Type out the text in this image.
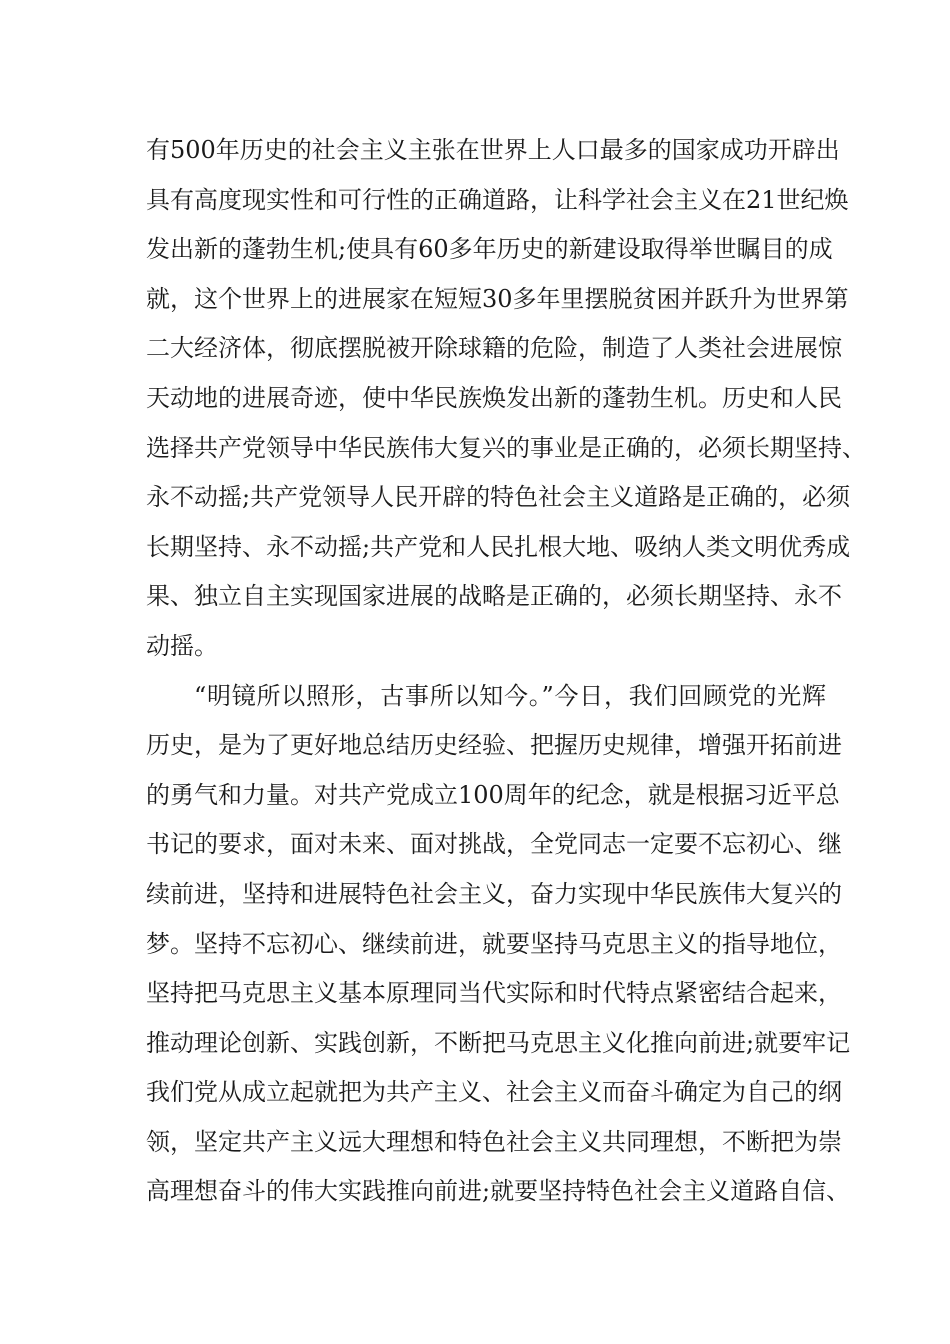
有500年历史的社会主义主张在世界上人口最多的国家成功开辟出
具有高度现实性和可行性的正确道路，让科学社会主义在21世纪焕
发出新的蓬勃生机;使具有60多年历史的新建设取得举世瞩目的成
就，这个世界上的进展家在短短30多年里摆脱贫困并跃升为世界第
二大经济体，彻底摆脱被开除球籍的危险，制造了人类社会进展惊
天动地的进展奇迹，使中华民族焕发出新的蓬勃生机。历史和人民
选择共产党领导中华民族伟大复兴的事业是正确的，必须长期坚持、
永不动摇;共产党领导人民开辟的特色社会主义道路是正确的，必须
长期坚持、永不动摇;共产党和人民扎根大地、吸纳人类文明优秀成
果、独立自主实现国家进展的战略是正确的，必须长期坚持、永不
动摇。
“明镜所以照形，古事所以知今。”今日，我们回顾党的光辉
历史，是为了更好地总结历史经验、把握历史规律，增强开拓前进
的勇气和力量。对共产党成立100周年的纪念，就是根据习近平总
书记的要求，面对未来、面对挑战，全党同志一定要不忘初心、继
续前进，坚持和进展特色社会主义，奋力实现中华民族伟大复兴的
梦。坚持不忘初心、继续前进，就要坚持马克思主义的指导地位，
坚持把马克思主义基本原理同当代实际和时代特点紧密结合起来，
推动理论创新、实践创新，不断把马克思主义化推向前进;就要牢记
我们党从成立起就把为共产主义、社会主义而奋斗确定为自己的纲
领，坚定共产主义远大理想和特色社会主义共同理想，不断把为崇
高理想奋斗的伟大实践推向前进;就要坚持特色社会主义道路自信、
